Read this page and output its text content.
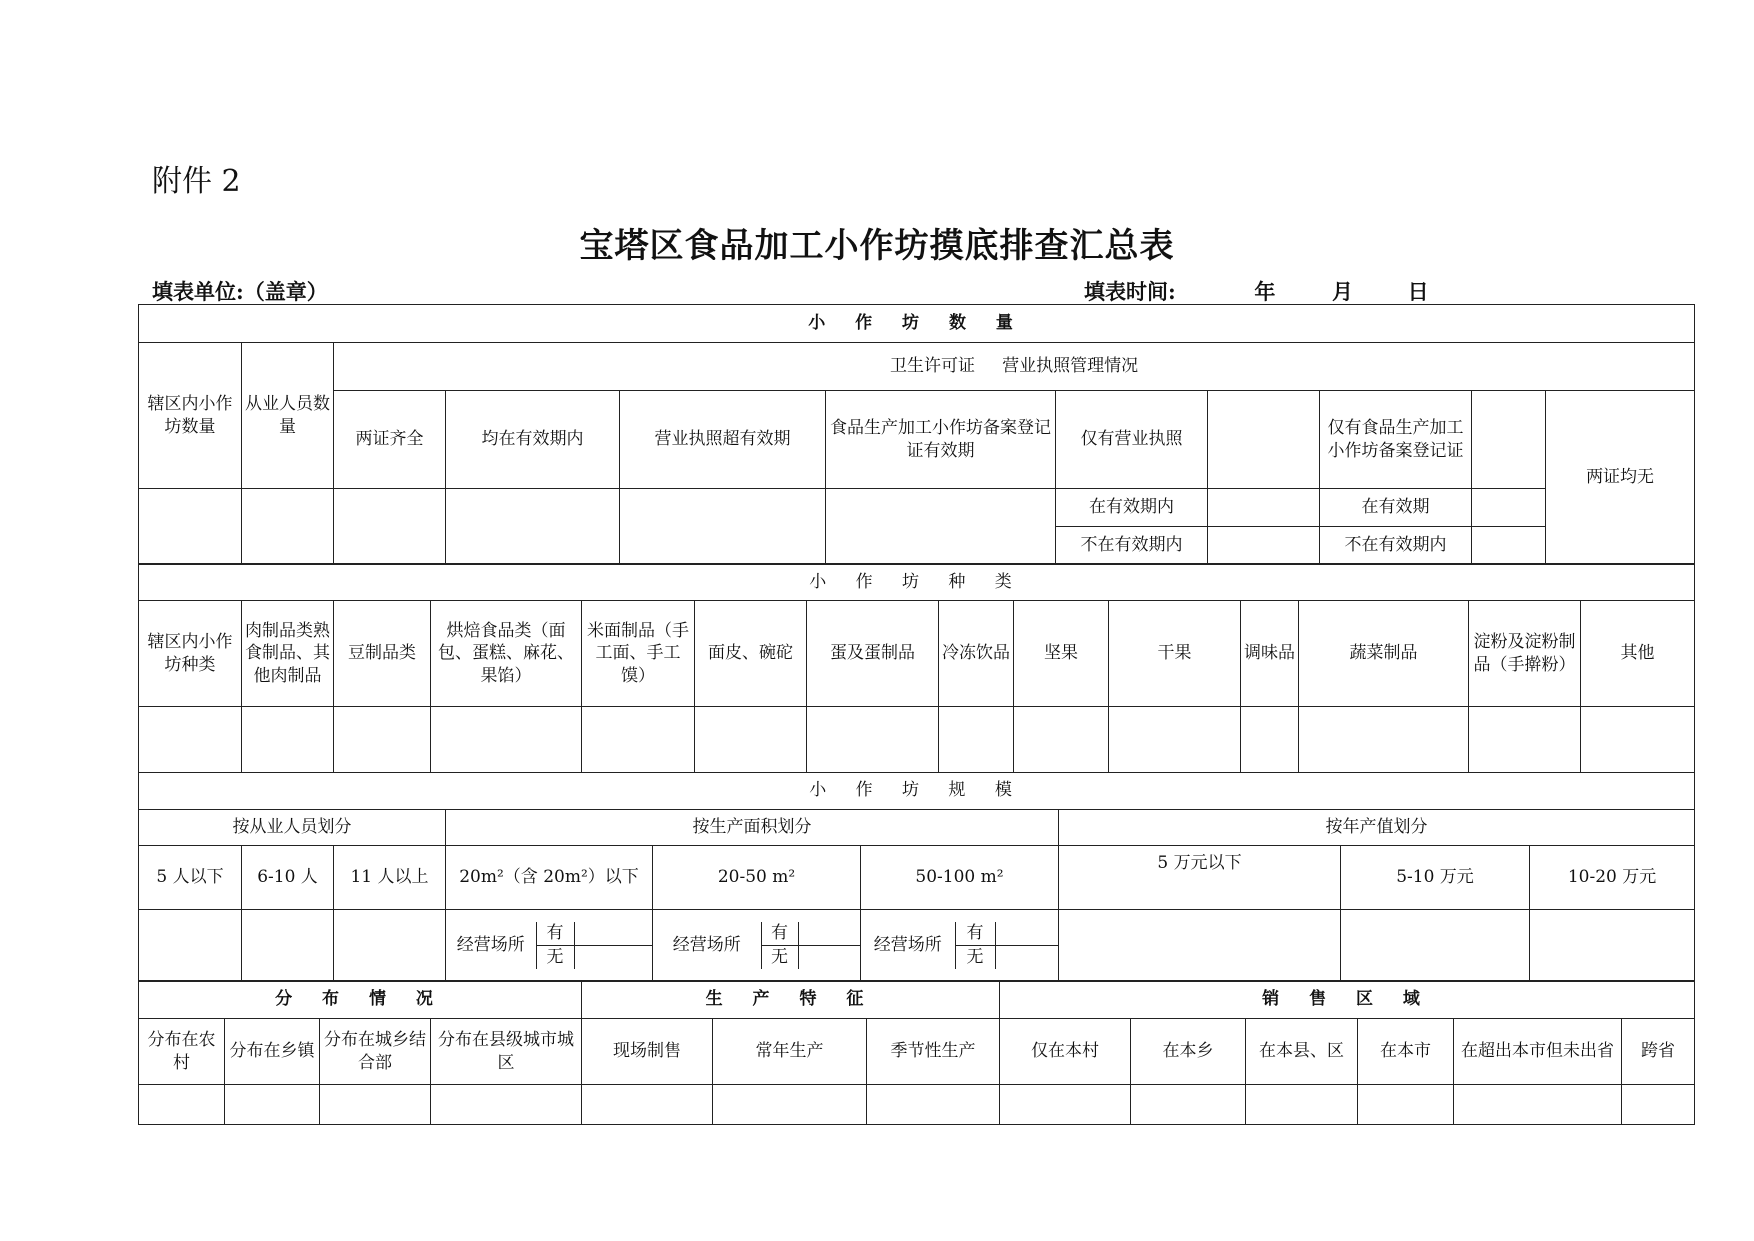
附件 2
宝塔区食品加工小作坊摸底排查汇总表
填表单位:（盖章）	填表时间:	年	月	日
小 作 坊 数 量										
辖区内小作坊数量	从业人员数量	卫生许可证     营业执照管理情况								
		两证齐全	均在有效期内	营业执照超有效期	食品生产加工小作坊备案登记证有效期	仅有营业执照		仅有食品生产加工小作坊备案登记证		两证均无
						在有效期内		在有效期		
						不在有效期内		不在有效期内		
小 作 坊 种 类													
辖区内小作坊种类	肉制品类熟食制品、其他肉制品	豆制品类	烘焙食品类（面包、蛋糕、麻花、果馅）	米面制品（手工面、手工馍）	面皮、碗砣	蛋及蛋制品	冷冻饮品	坚果	干果	调味品	蔬菜制品	淀粉及淀粉制品（手擀粉）	其他

小 作 坊 规 模
按从业人员划分	按生产面积划分	按年产值划分
5 人以下	6-10 人	11 人以上	20m²（含 20m²）以下	20-50 m²	50-100 m²	5 万元以下	5-10 万元	10-20 万元

经营场所	有	
无	

经营场所	有	
无	

经营场所	有	
无	

分 布 情 况				生 产 特 征			销 售 区 域					
分布在农村	分布在乡镇	分布在城乡结合部	分布在县级城市城区	现场制售	常年生产	季节性生产	仅在本村	在本乡	在本县、区	在本市	在超出本市但未出省	跨省
